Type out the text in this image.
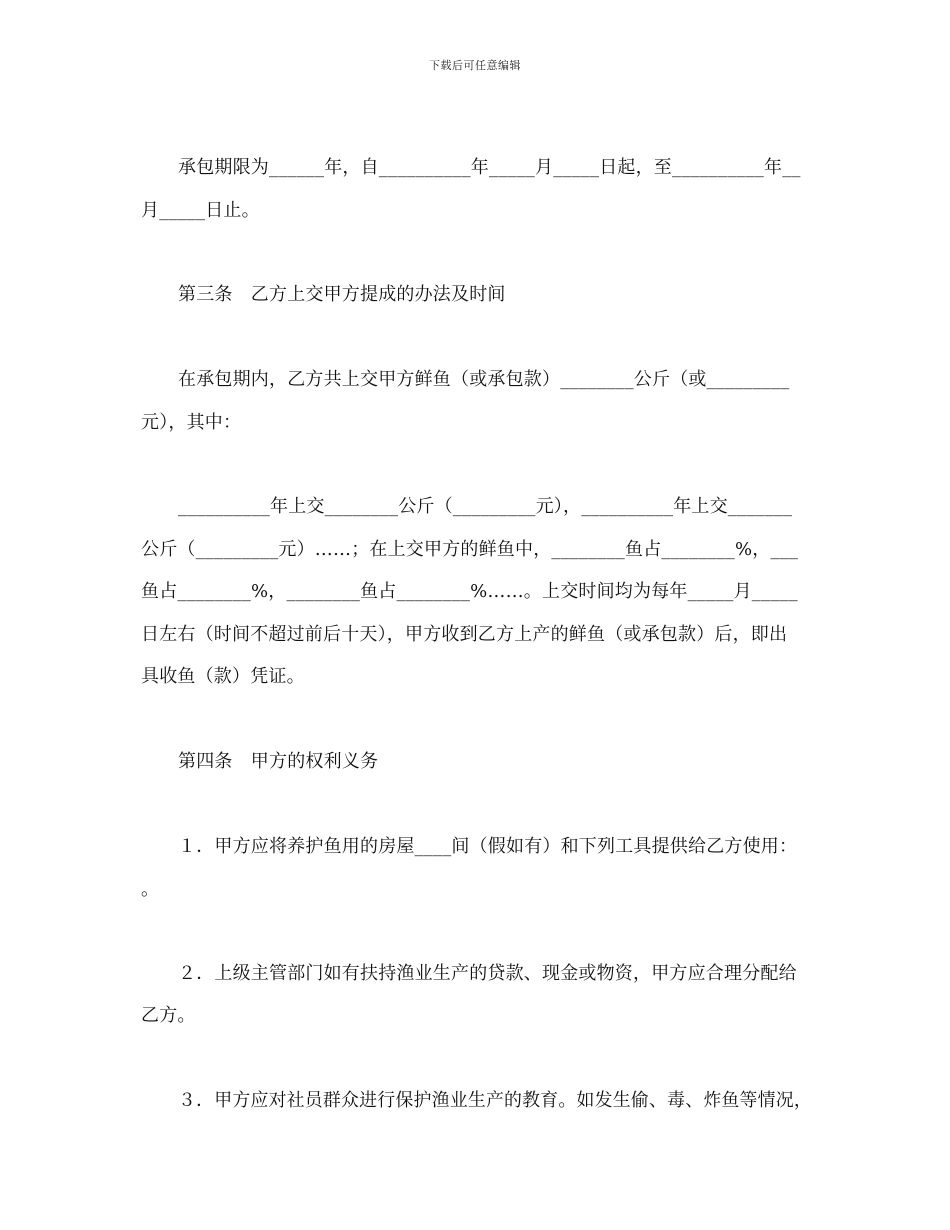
下载后可任意编辑
承包期限为______年，自__________年_____月_____日起，至__________年__
月_____日止。
第三条　乙方上交甲方提成的办法及时间
在承包期内，乙方共上交甲方鲜鱼（或承包款）________公斤（或_________
元），其中：
__________年上交________公斤（_________元），__________年上交_______
公斤（_________元）……；在上交甲方的鲜鱼中，________鱼占________%，___
鱼占________%，________鱼占________%……。上交时间均为每年_____月_____
日左右（时间不超过前后十天），甲方收到乙方上产的鲜鱼（或承包款）后，即出
具收鱼（款）凭证。
第四条　甲方的权利义务
１．甲方应将养护鱼用的房屋____间（假如有）和下列工具提供给乙方使用：
。
２．上级主管部门如有扶持渔业生产的贷款、现金或物资，甲方应合理分配给
乙方。
３．甲方应对社员群众进行保护渔业生产的教育。如发生偷、毒、炸鱼等情况，
